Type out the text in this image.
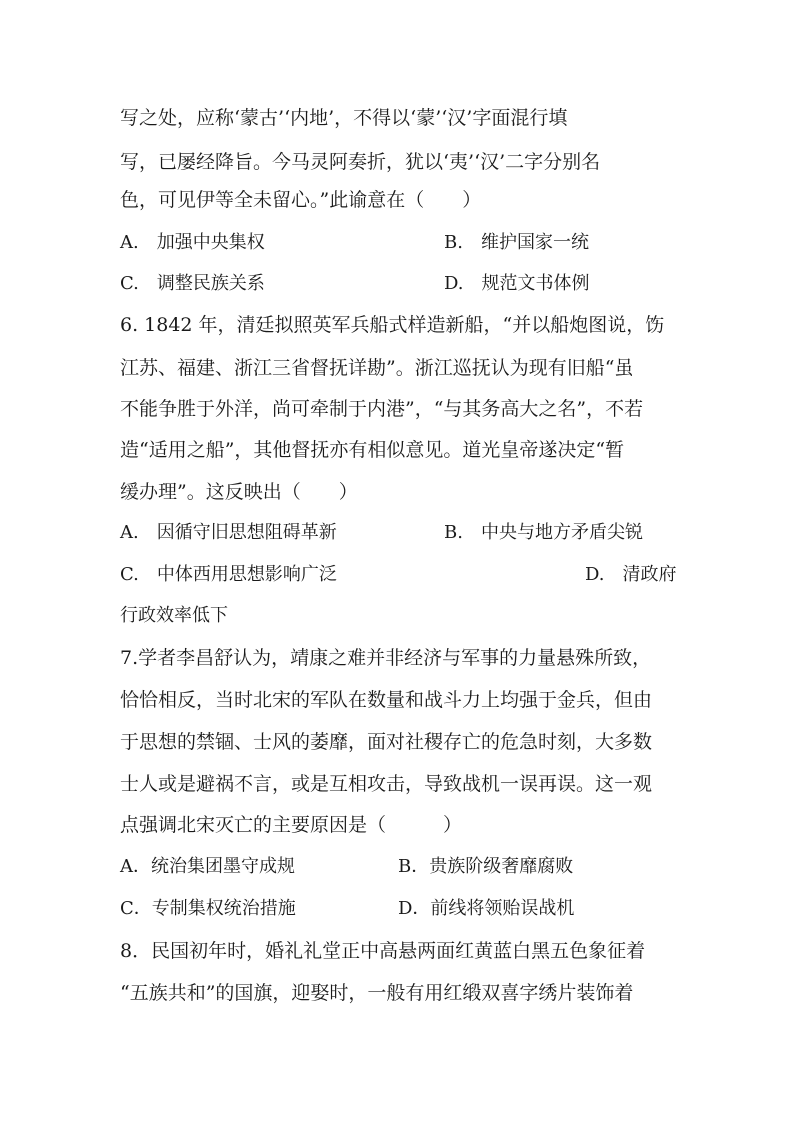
写之处，应称‘蒙古’‘内地’，不得以‘蒙’‘汉’字面混行填
写，已屡经降旨。今马灵阿奏折，犹以‘夷’‘汉’二字分别名
色，可见伊等全未留心。”此谕意在（　　）
A.　加强中央集权	B.　维护国家一统
C.　调整民族关系	D.　规范文书体例
6. 1842 年，清廷拟照英军兵船式样造新船，“并以船炮图说，饬
江苏、福建、浙江三省督抚详勘”。浙江巡抚认为现有旧船“虽
不能争胜于外洋，尚可牵制于内港”，“与其务高大之名”，不若
造“适用之船”，其他督抚亦有相似意见。道光皇帝遂决定“暂
缓办理”。这反映出（　　）
A.　因循守旧思想阻碍革新	B.　中央与地方矛盾尖锐
C.　中体西用思想影响广泛	D.　清政府
行政效率低下
7.学者李昌舒认为，靖康之难并非经济与军事的力量悬殊所致，
恰恰相反，当时北宋的军队在数量和战斗力上均强于金兵，但由
于思想的禁锢、士风的萎靡，面对社稷存亡的危急时刻，大多数
士人或是避祸不言，或是互相攻击，导致战机一误再误。这一观
点强调北宋灭亡的主要原因是（　　　）
A．统治集团墨守成规	B．贵族阶级奢靡腐败
C．专制集权统治措施	D．前线将领贻误战机
8．民国初年时，婚礼礼堂正中高悬两面红黄蓝白黑五色象征着
“五族共和”的国旗，迎娶时，一般有用红缎双喜字绣片装饰着
